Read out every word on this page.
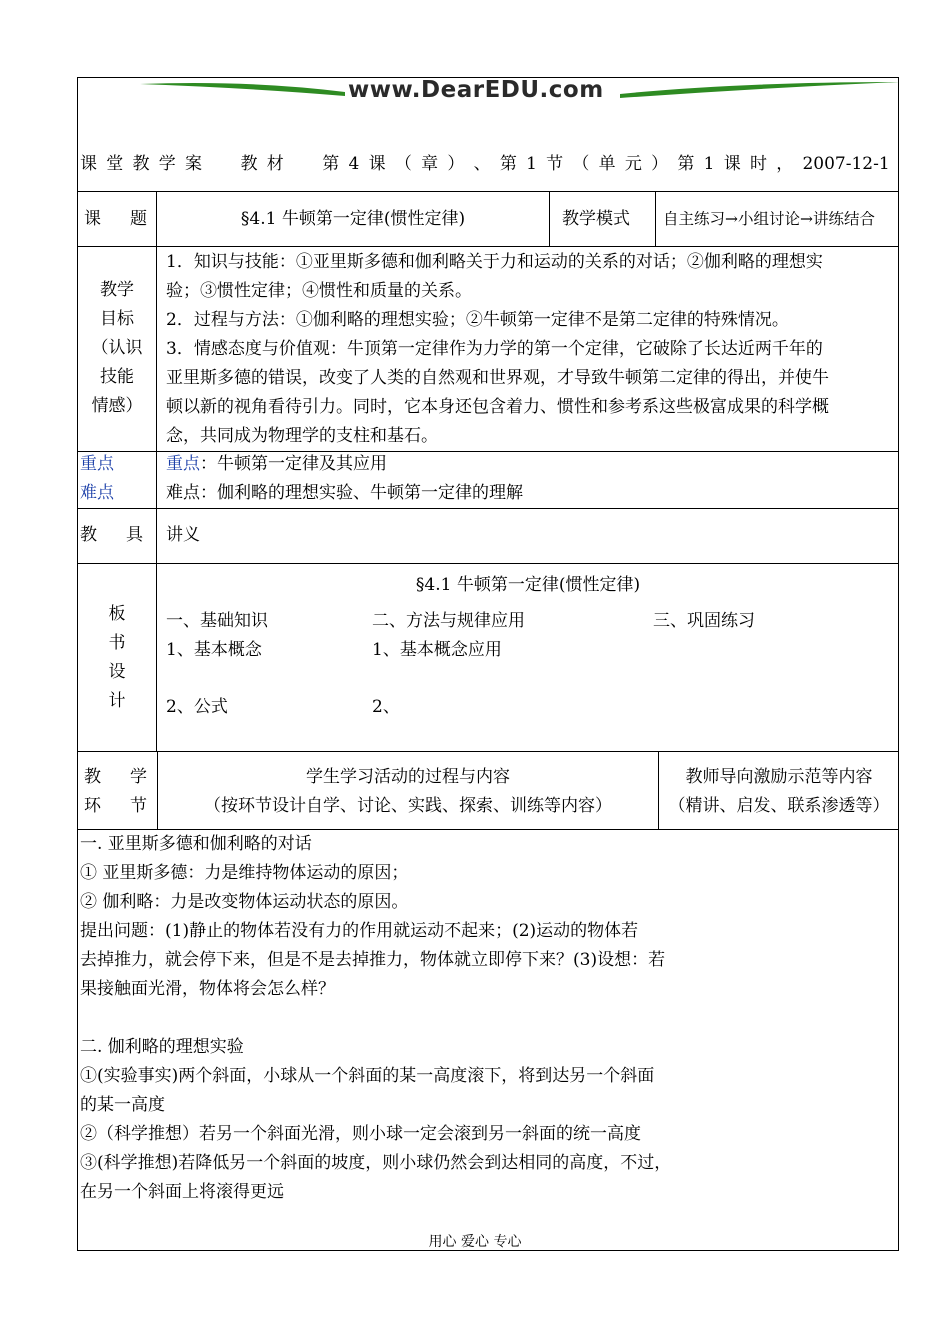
www.DearEDU.com
课 堂 教 学 案 教 材 第 4 课 （ 章 ） 、 第 1 节 （ 单 元 ） 第 1 课 时 ， 2007-12-1
课　题	§4.1 牛顿第一定律(惯性定律)	教学模式 自主练习→小组讨论→讲练结合
教学
目标
（认识
技能
情感）
1．知识与技能：①亚里斯多德和伽利略关于力和运动的关系的对话；②伽利略的理想实
验；③惯性定律；④惯性和质量的关系。
2．过程与方法：①伽利略的理想实验；②牛顿第一定律不是第二定律的特殊情况。
3．情感态度与价值观：牛顶第一定律作为力学的第一个定律，它破除了长达近两千年的
亚里斯多德的错误，改变了人类的自然观和世界观，才导致牛顿第二定律的得出，并使牛
顿以新的视角看待引力。同时，它本身还包含着力、惯性和参考系这些极富成果的科学概
念，共同成为物理学的支柱和基石。
重点
难点
重点：牛顿第一定律及其应用
难点：伽利略的理想实验、牛顿第一定律的理解
教　具 讲义
板
书
设
计
§4.1 牛顿第一定律(惯性定律)
一、基础知识
1、基本概念
2、公式
二、方法与规律应用
1、基本概念应用
2、
三、巩固练习
教　学
环　节
学生学习活动的过程与内容
（按环节设计自学、讨论、实践、探索、训练等内容）
教师导向激励示范等内容
（精讲、启发、联系渗透等）
一. 亚里斯多德和伽利略的对话
① 亚里斯多德：力是维持物体运动的原因；
② 伽利略：力是改变物体运动状态的原因。
提出问题：(1)静止的物体若没有力的作用就运动不起来；(2)运动的物体若
去掉推力，就会停下来，但是不是去掉推力，物体就立即停下来？(3)设想：若
果接触面光滑，物体将会怎么样？
二. 伽利略的理想实验
①(实验事实)两个斜面，小球从一个斜面的某一高度滚下，将到达另一个斜面
的某一高度
②（科学推想）若另一个斜面光滑，则小球一定会滚到另一斜面的统一高度
③(科学推想)若降低另一个斜面的坡度，则小球仍然会到达相同的高度，不过，
在另一个斜面上将滚得更远
用心 爱心 专心
